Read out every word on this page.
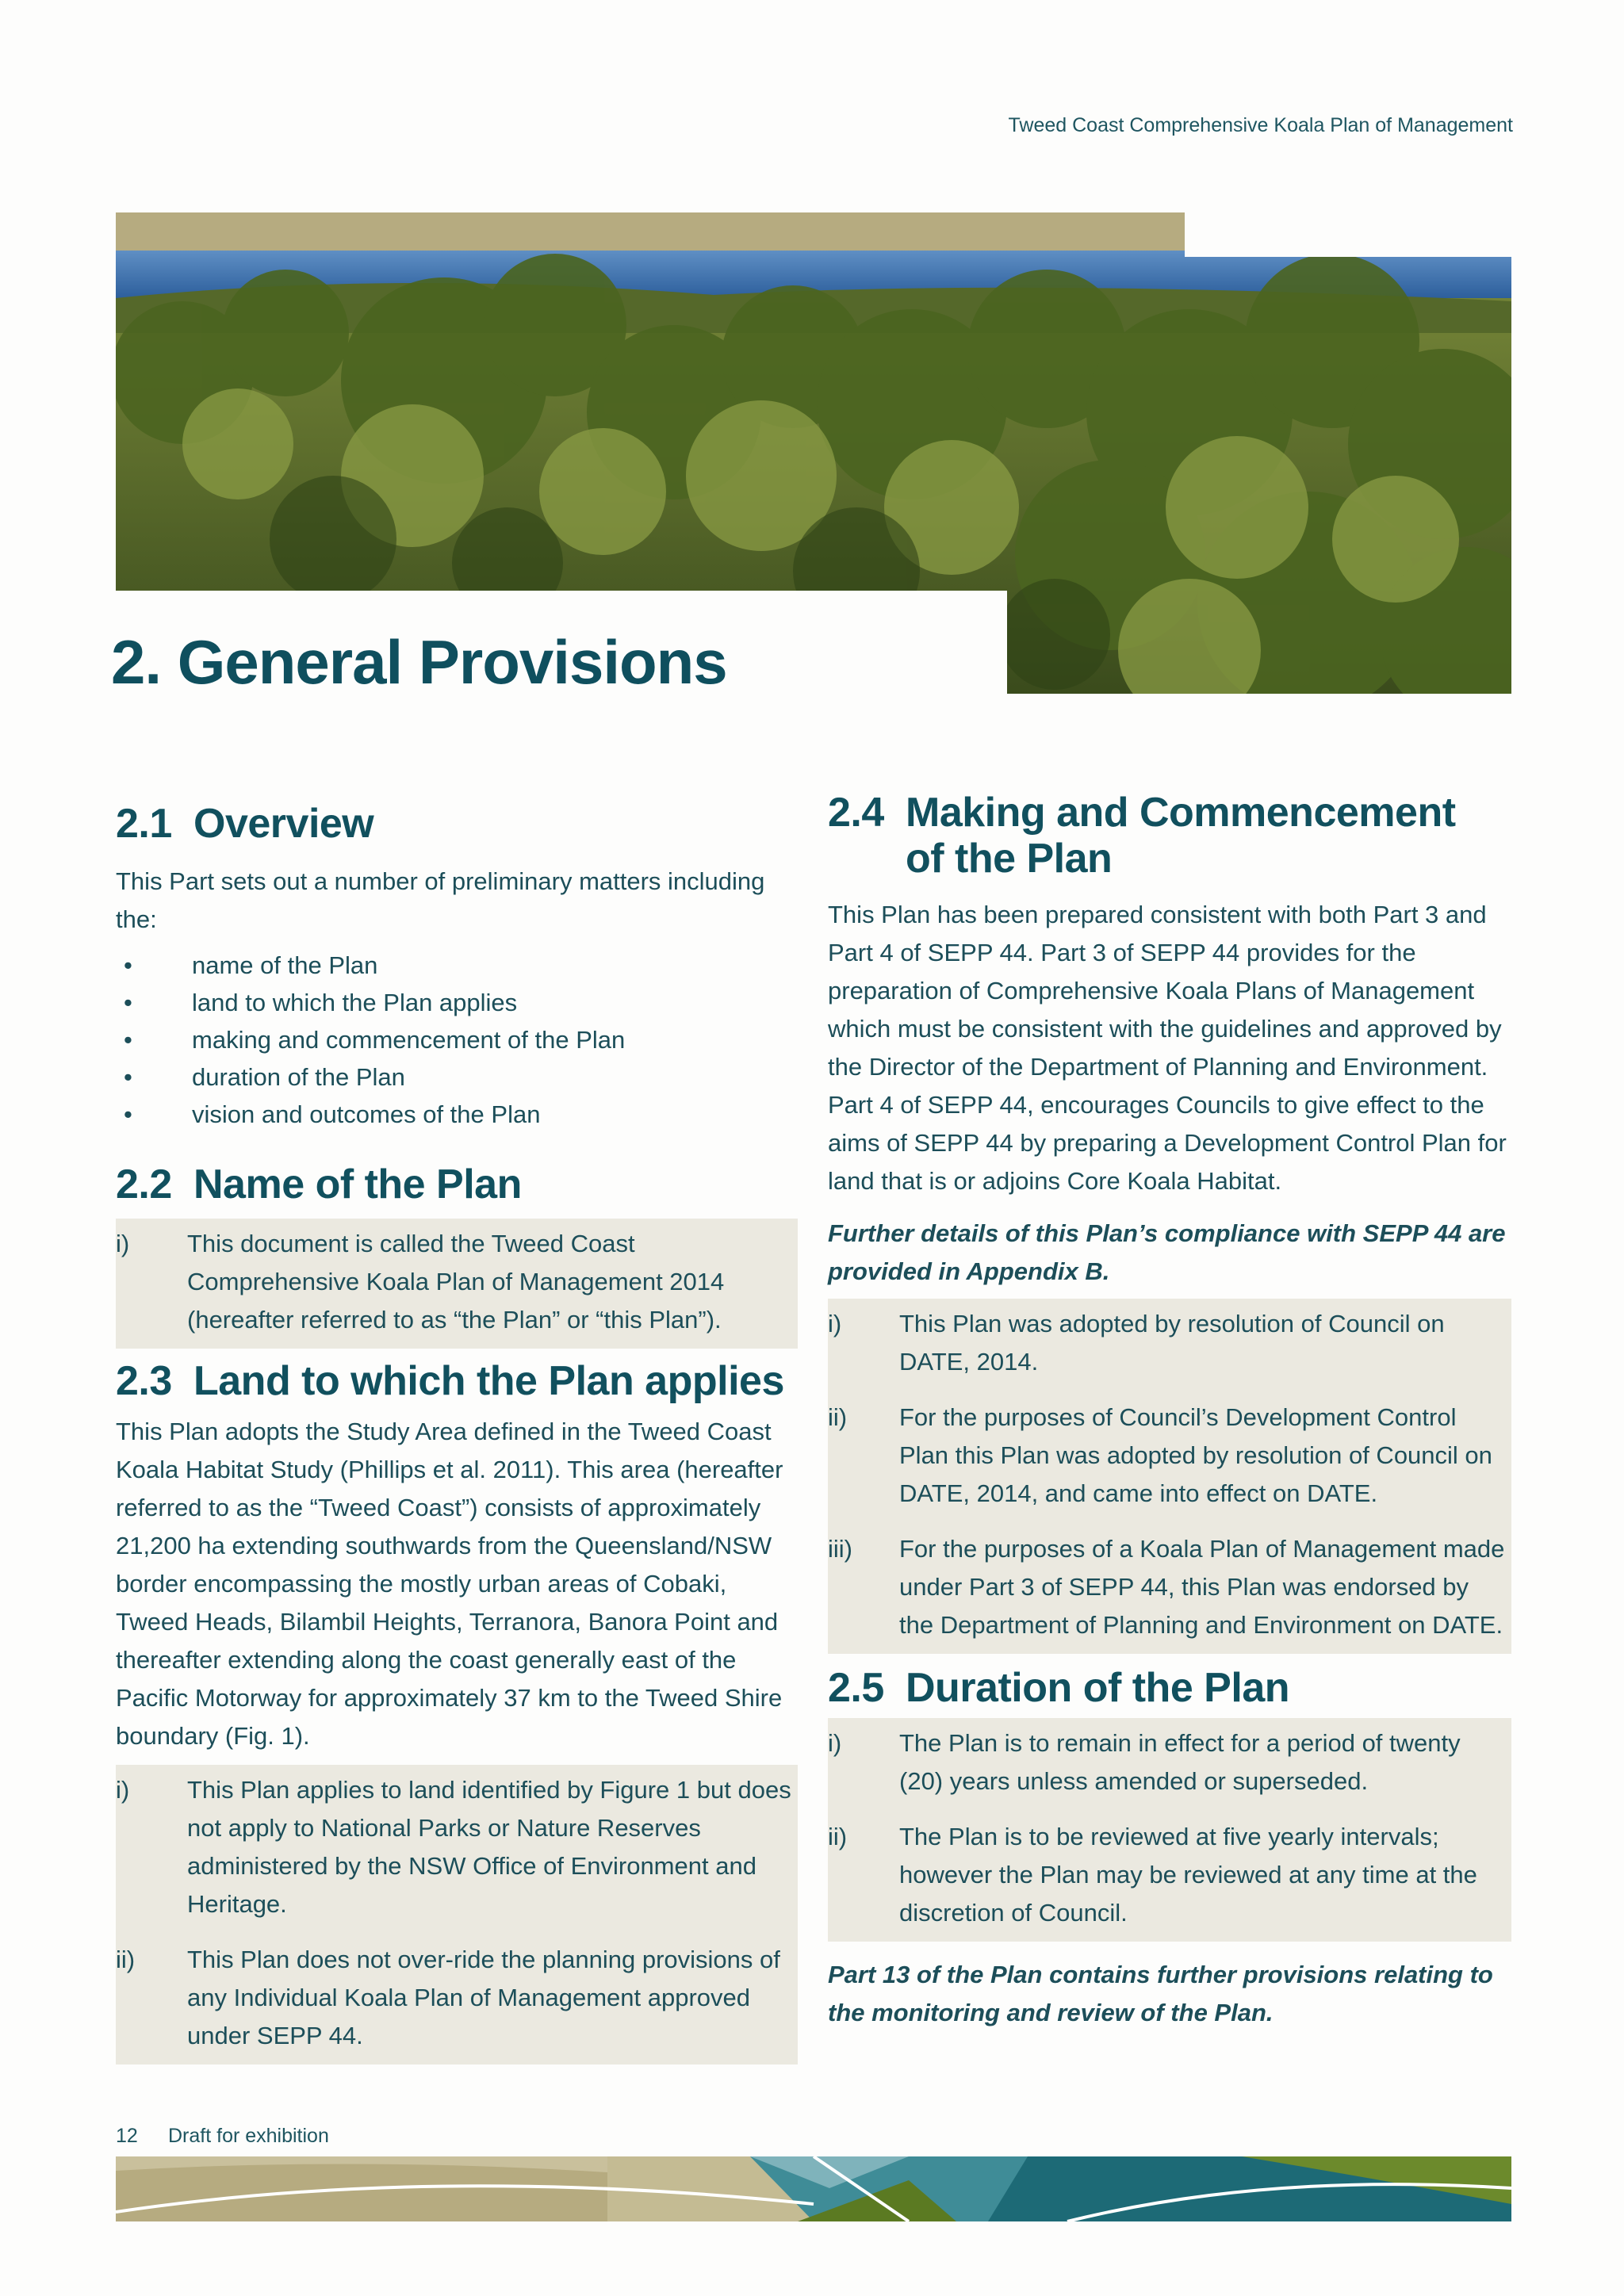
Tweed Coast Comprehensive Koala Plan of Management
2. General Provisions
2.1 Overview

This Part sets out a number of preliminary matters including the:

• name of the Plan
• land to which the Plan applies
• making and commencement of the Plan
• duration of the Plan
• vision and outcomes of the Plan
2.2 Name of the Plan
i) This document is called the Tweed Coast Comprehensive Koala Plan of Management 2014 (hereafter referred to as “the Plan” or “this Plan”).
2.3 Land to which the Plan applies

This Plan adopts the Study Area defined in the Tweed Coast Koala Habitat Study (Phillips et al. 2011). This area (hereafter referred to as the “Tweed Coast”) consists of approximately 21,200 ha extending southwards from the Queensland/NSW border encompassing the mostly urban areas of Cobaki, Tweed Heads, Bilambil Heights, Terranora, Banora Point and thereafter extending along the coast generally east of the Pacific Motorway for approximately 37 km to the Tweed Shire boundary (Fig. 1).

i) This Plan applies to land identified by Figure 1 but does not apply to National Parks or Nature Reserves administered by the NSW Office of Environment and Heritage.
ii) This Plan does not over-ride the planning provisions of any Individual Koala Plan of Management approved under SEPP 44.
2.4 Making and Commencement
of the Plan

This Plan has been prepared consistent with both Part 3 and Part 4 of SEPP 44. Part 3 of SEPP 44 provides for the preparation of Comprehensive Koala Plans of Management which must be consistent with the guidelines and approved by the Director of the Department of Planning and Environment. Part 4 of SEPP 44, encourages Councils to give effect to the aims of SEPP 44 by preparing a Development Control Plan for land that is or adjoins Core Koala Habitat.

Further details of this Plan’s compliance with SEPP 44 are provided in Appendix B.

i) This Plan was adopted by resolution of Council on DATE, 2014.
ii) For the purposes of Council’s Development Control Plan this Plan was adopted by resolution of Council on DATE, 2014, and came into effect on DATE.
iii) For the purposes of a Koala Plan of Management made under Part 3 of SEPP 44, this Plan was endorsed by the Department of Planning and Environment on DATE.
2.5 Duration of the Plan
i) The Plan is to remain in effect for a period of twenty (20) years unless amended or superseded.
ii) The Plan is to be reviewed at five yearly intervals; however the Plan may be reviewed at any time at the discretion of Council.

Part 13 of the Plan contains further provisions relating to the monitoring and review of the Plan.

12 Draft for exhibition
